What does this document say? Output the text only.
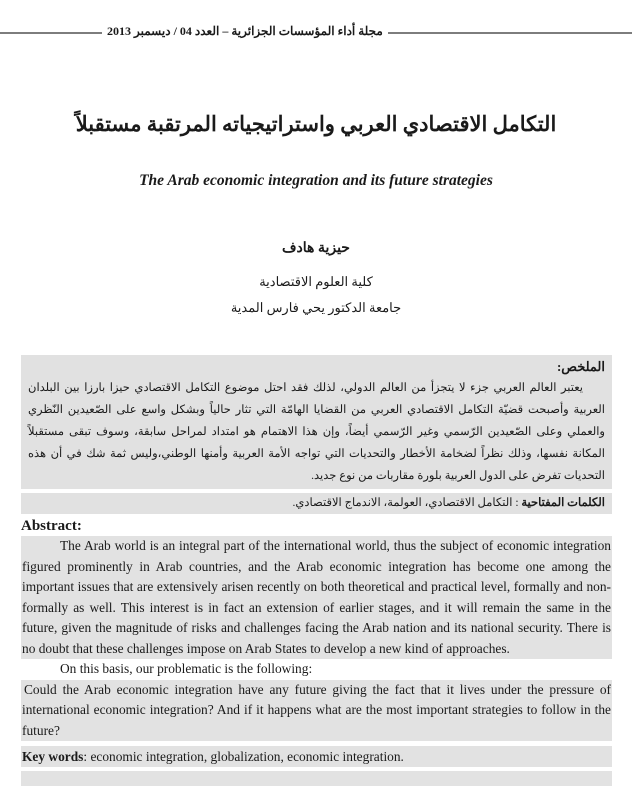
مجلة أداء المؤسسات الجزائرية – العدد 04 / ديسمبر 2013
التكامل الاقتصادي العربي واستراتيجياته المرتقبة مستقبلاً
The Arab economic integration and its future strategies
حيزية هادف
كلية العلوم الاقتصادية
جامعة الدكتور يحي فارس المدية
الملخص:

يعتبر العالم العربي جزء لا يتجزأ من العالم الدولي، لذلك فقد احتل موضوع التكامل الاقتصادي حيزا بارزا بين البلدان العربية وأصبحت قضيّة التكامل الاقتصادي العربي من القضايا الهامّة التي تثار حالياً وبشكل واسع على الصّعيدين النّظري والعملي وعلى الصّعيدين الرّسمي وغير الرّسمي أيضاً، وإن هذا الاهتمام هو امتداد لمراحل سابقة، وسوف تبقى مستقبلاً المكانة نفسها، وذلك نظراً لضخامة الأخطار والتحديات التي تواجه الأمة العربية وأمنها الوطني،وليس ثمة شك في أن هذه التحديات تفرض على الدول العربية بلورة مقاربات من نوع جديد.

الكلمات المفتاحية : التكامل الاقتصادي، العولمة، الاندماج الاقتصادي.
Abstract:

The Arab world is an integral part of the international world, thus the subject of economic integration figured prominently in Arab countries, and the Arab economic integration has become one among the important issues that are extensively arisen recently on both theoretical and practical level, formally and non-formally as well. This interest is in fact an extension of earlier stages, and it will remain the same in the future, given the magnitude of risks and challenges facing the Arab nation and its national security. There is no doubt that these challenges impose on Arab States to develop a new kind of approaches.

On this basis, our problematic is the following:

Could the Arab economic integration have any future giving the fact that it lives under the pressure of international economic integration? And if it happens what are the most important strategies to follow in the future?

Key words: economic integration, globalization, economic integration.
